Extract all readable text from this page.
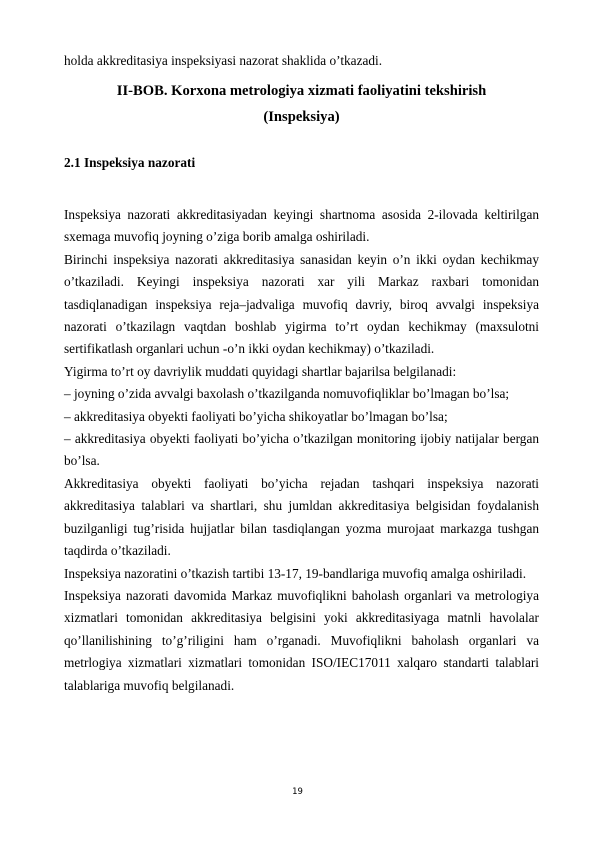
holda akkreditasiya inspeksiyasi nazorat shaklida o’tkazadi.
II-BOB. Korxona metrologiya xizmati faoliyatini tekshirish
(Inspeksiya)
2.1 Inspeksiya nazorati

Inspeksiya nazorati akkreditasiyadan keyingi shartnoma asosida 2-ilovada keltirilgan sxemaga muvofiq joyning o’ziga borib amalga oshiriladi.

Birinchi inspeksiya nazorati akkreditasiya sanasidan keyin o’n ikki oydan kechikmay o’tkaziladi. Keyingi inspeksiya nazorati xar yili Markaz raxbari tomonidan tasdiqlanadigan inspeksiya reja–jadvaliga muvofiq davriy, biroq avvalgi inspeksiya nazorati o’tkazilagn vaqtdan boshlab yigirma to’rt oydan kechikmay (maxsulotni sertifikatlash organlari uchun -o’n ikki oydan kechikmay) o’tkaziladi.

Yigirma to’rt oy davriylik muddati quyidagi shartlar bajarilsa belgilanadi:

– joyning o’zida avvalgi baxolash o’tkazilganda nomuvofiqliklar bo’lmagan bo’lsa;

– akkreditasiya obyekti faoliyati bo’yicha shikoyatlar bo’lmagan bo’lsa;

– akkreditasiya obyekti faoliyati bo’yicha o’tkazilgan monitoring ijobiy natijalar bergan bo’lsa.

Akkreditasiya obyekti faoliyati bo’yicha rejadan tashqari inspeksiya nazorati akkreditasiya talablari va shartlari, shu jumldan akkreditasiya belgisidan foydalanish buzilganligi tug’risida hujjatlar bilan tasdiqlangan yozma murojaat markazga tushgan taqdirda o’tkaziladi.

Inspeksiya nazoratini o’tkazish tartibi 13-17, 19-bandlariga muvofiq amalga oshiriladi.

Inspeksiya nazorati davomida Markaz muvofiqlikni baholash organlari va metrologiya xizmatlari tomonidan akkreditasiya belgisini yoki akkreditasiyaga matnli havolalar qo’llanilishining to’g’riligini ham o’rganadi. Muvofiqlikni baholash organlari va metrlogiya xizmatlari xizmatlari tomonidan ISO/IEC17011 xalqaro standarti talablari talablariga muvofiq belgilanadi.

19
